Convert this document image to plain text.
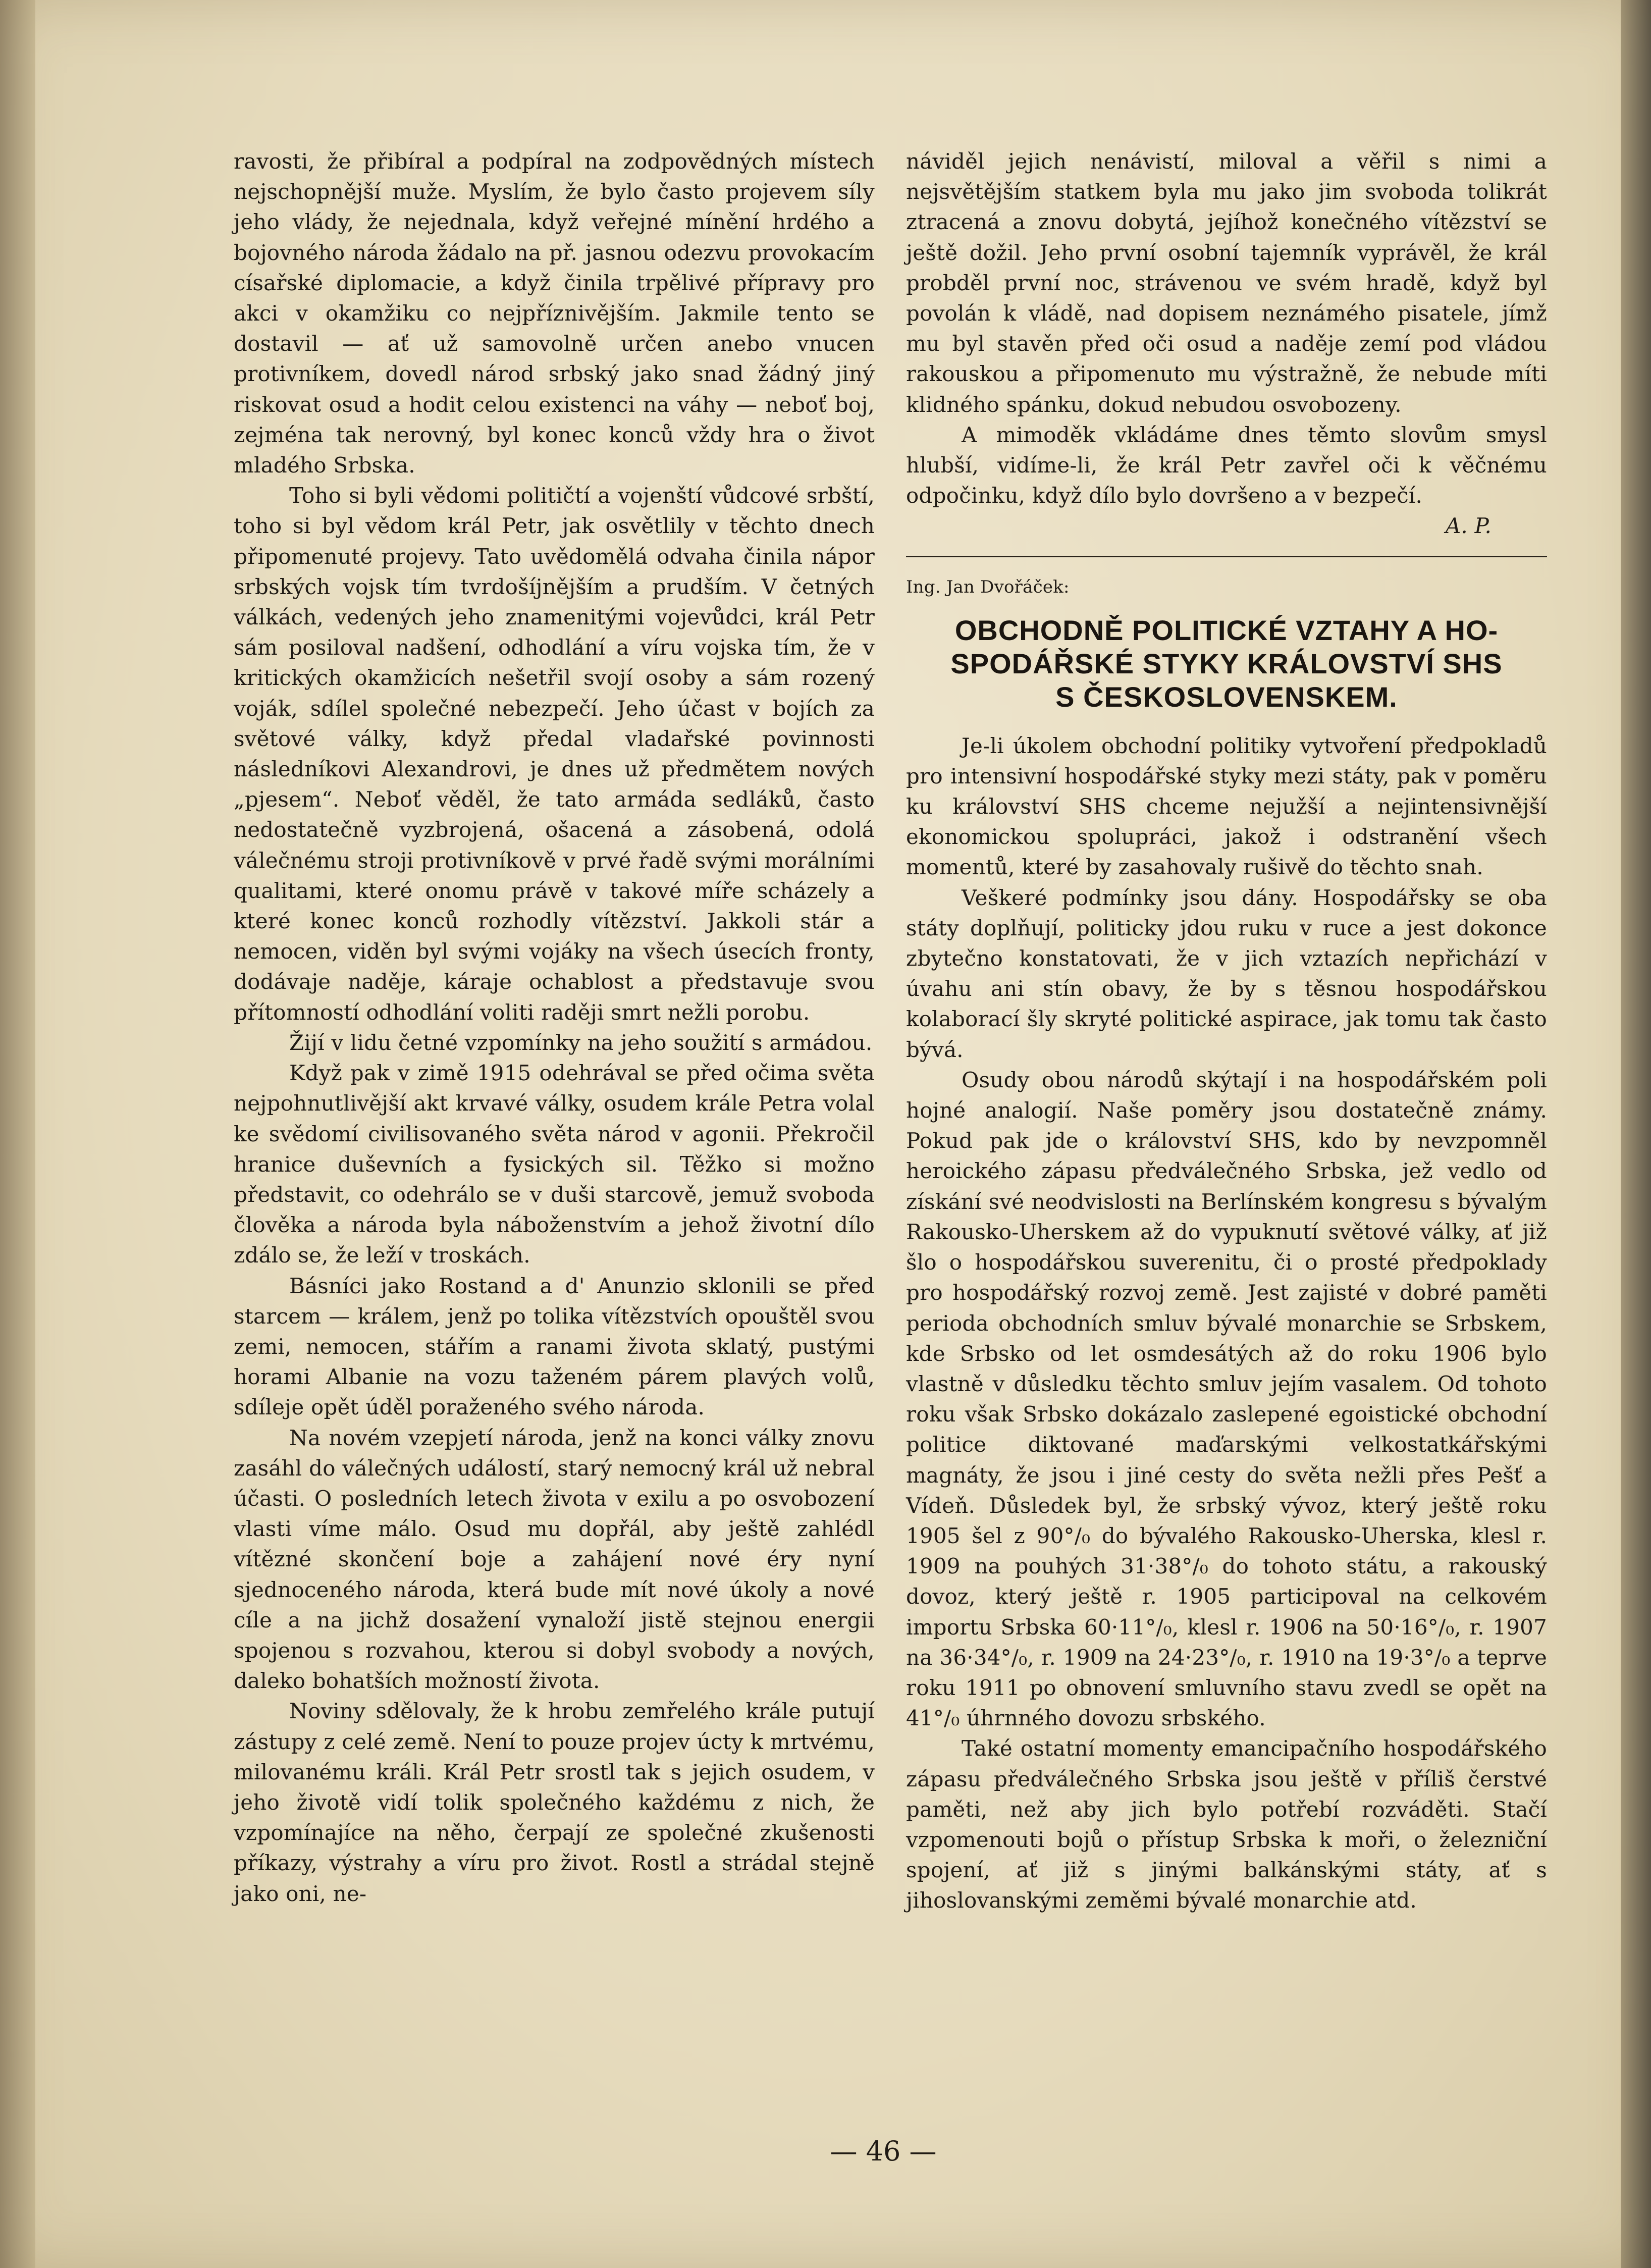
ravosti, že přibíral a podpíral na zodpovědných místech nejschopnější muže. Myslím, že bylo často projevem síly jeho vlády, že nejednala, když veřejné mínění hrdého a bojovného národa žádalo na př. jasnou odezvu provokacím císařské diplomacie, a když činila trpělivé přípravy pro akci v okamžiku co nejpříznivějším. Jakmile tento se dostavil — ať už samovolně určen anebo vnucen protivníkem, dovedl národ srbský jako snad žádný jiný riskovat osud a hodit celou existenci na váhy — neboť boj, zejména tak nerovný, byl konec konců vždy hra o život mladého Srbska.

Toho si byli vědomi političtí a vojenští vůdcové srbští, toho si byl vědom král Petr, jak osvětlily v těchto dnech připomenuté projevy. Tato uvědomělá odvaha činila nápor srbských vojsk tím tvrdošíjnějším a prudším. V četných válkách, vedených jeho znamenitými vojevůdci, král Petr sám posiloval nadšení, odhodlání a víru vojska tím, že v kritických okamžicích nešetřil svojí osoby a sám rozený voják, sdílel společné nebezpečí. Jeho účast v bojích za světové války, když předal vladařské povinnosti následníkovi Alexandrovi, je dnes už předmětem nových „pjesem“. Neboť věděl, že tato armáda sedláků, často nedostatečně vyzbrojená, ošacená a zásobená, odolá válečnému stroji protivníkově v prvé řadě svými morálními qualitami, které onomu právě v takové míře scházely a které konec konců rozhodly vítězství. Jakkoli stár a nemocen, viděn byl svými vojáky na všech úsecích fronty, dodávaje naděje, káraje ochablost a představuje svou přítomností odhodlání voliti raději smrt nežli porobu.

Žijí v lidu četné vzpomínky na jeho soužití s armádou.

Když pak v zimě 1915 odehrával se před očima světa nejpohnutlivější akt krvavé války, osudem krále Petra volal ke svědomí civilisovaného světa národ v agonii. Překročil hranice duševních a fysických sil. Těžko si možno představit, co odehrálo se v duši starcově, jemuž svoboda člověka a národa byla náboženstvím a jehož životní dílo zdálo se, že leží v troskách.

Básníci jako Rostand a d' Anunzio sklonili se před starcem — králem, jenž po tolika vítězstvích opouštěl svou zemi, nemocen, stářím a ranami života sklatý, pustými horami Albanie na vozu taženém párem plavých volů, sdíleje opět úděl poraženého svého národa.

Na novém vzepjetí národa, jenž na konci války znovu zasáhl do válečných událostí, starý nemocný král už nebral účasti. O posledních letech života v exilu a po osvobození vlasti víme málo. Osud mu dopřál, aby ještě zahlédl vítězné skončení boje a zahájení nové éry nyní sjednoceného národa, která bude mít nové úkoly a nové cíle a na jichž dosažení vynaloží jistě stejnou energii spojenou s rozvahou, kterou si dobyl svobody a nových, daleko bohatších možností života.

Noviny sdělovaly, že k hrobu zemřelého krále putují zástupy z celé země. Není to pouze projev úcty k mrtvému, milovanému králi. Král Petr srostl tak s jejich osudem, v jeho životě vidí tolik společného každému z nich, že vzpomínajíce na něho, čerpají ze společné zkušenosti příkazy, výstrahy a víru pro život. Rostl a strádal stejně jako oni, ne-

náviděl jejich nenávistí, miloval a věřil s nimi a nejsvětějším statkem byla mu jako jim svoboda tolikrát ztracená a znovu dobytá, jejíhož konečného vítězství se ještě dožil. Jeho první osobní tajemník vyprávěl, že král probděl první noc, strávenou ve svém hradě, když byl povolán k vládě, nad dopisem neznámého pisatele, jímž mu byl stavěn před oči osud a naděje zemí pod vládou rakouskou a připomenuto mu výstražně, že nebude míti klidného spánku, dokud nebudou osvobozeny.

A mimoděk vkládáme dnes těmto slovům smysl hlubší, vidíme-li, že král Petr zavřel oči k věčnému odpočinku, když dílo bylo dovršeno a v bezpečí.

A. P.

Ing. Jan Dvořáček:

OBCHODNĚ POLITICKÉ VZTAHY A HO-
SPODÁŘSKÉ STYKY KRÁLOVSTVÍ SHS
S ČESKOSLOVENSKEM.

Je-li úkolem obchodní politiky vytvoření předpokladů pro intensivní hospodářské styky mezi státy, pak v poměru ku království SHS chceme nejužší a nejintensivnější ekonomickou spolupráci, jakož i odstranění všech momentů, které by zasahovaly rušivě do těchto snah.

Veškeré podmínky jsou dány. Hospodářsky se oba státy doplňují, politicky jdou ruku v ruce a jest dokonce zbytečno konstatovati, že v jich vztazích nepřichází v úvahu ani stín obavy, že by s těsnou hospodářskou kolaborací šly skryté politické aspirace, jak tomu tak často bývá.

Osudy obou národů skýtají i na hospodářském poli hojné analogií. Naše poměry jsou dostatečně známy. Pokud pak jde o království SHS, kdo by nevzpomněl heroického zápasu předválečného Srbska, jež vedlo od získání své neodvislosti na Berlínském kongresu s bývalým Rakousko-Uherskem až do vypuknutí světové války, ať již šlo o hospodářskou suverenitu, či o prosté předpoklady pro hospodářský rozvoj země. Jest zajisté v dobré paměti perioda obchodních smluv bývalé monarchie se Srbskem, kde Srbsko od let osmdesátých až do roku 1906 bylo vlastně v důsledku těchto smluv jejím vasalem. Od tohoto roku však Srbsko dokázalo zaslepené egoistické obchodní politice diktované maďarskými velkostatkářskými magnáty, že jsou i jiné cesty do světa nežli přes Pešť a Vídeň. Důsledek byl, že srbský vývoz, který ještě roku 1905 šel z 90°/₀ do bývalého Rakousko-Uherska, klesl r. 1909 na pouhých 31·38°/₀ do tohoto státu, a rakouský dovoz, který ještě r. 1905 participoval na celkovém importu Srbska 60·11°/₀, klesl r. 1906 na 50·16°/₀, r. 1907 na 36·34°/₀, r. 1909 na 24·23°/₀, r. 1910 na 19·3°/₀ a teprve roku 1911 po obnovení smluvního stavu zvedl se opět na 41°/₀ úhrnného dovozu srbského.

Také ostatní momenty emancipačního hospodářského zápasu předválečného Srbska jsou ještě v příliš čerstvé paměti, než aby jich bylo potřebí rozváděti. Stačí vzpomenouti bojů o přístup Srbska k moři, o železniční spojení, ať již s jinými balkánskými státy, ať s jihoslovanskými zeměmi bývalé monarchie atd.

— 46 —
